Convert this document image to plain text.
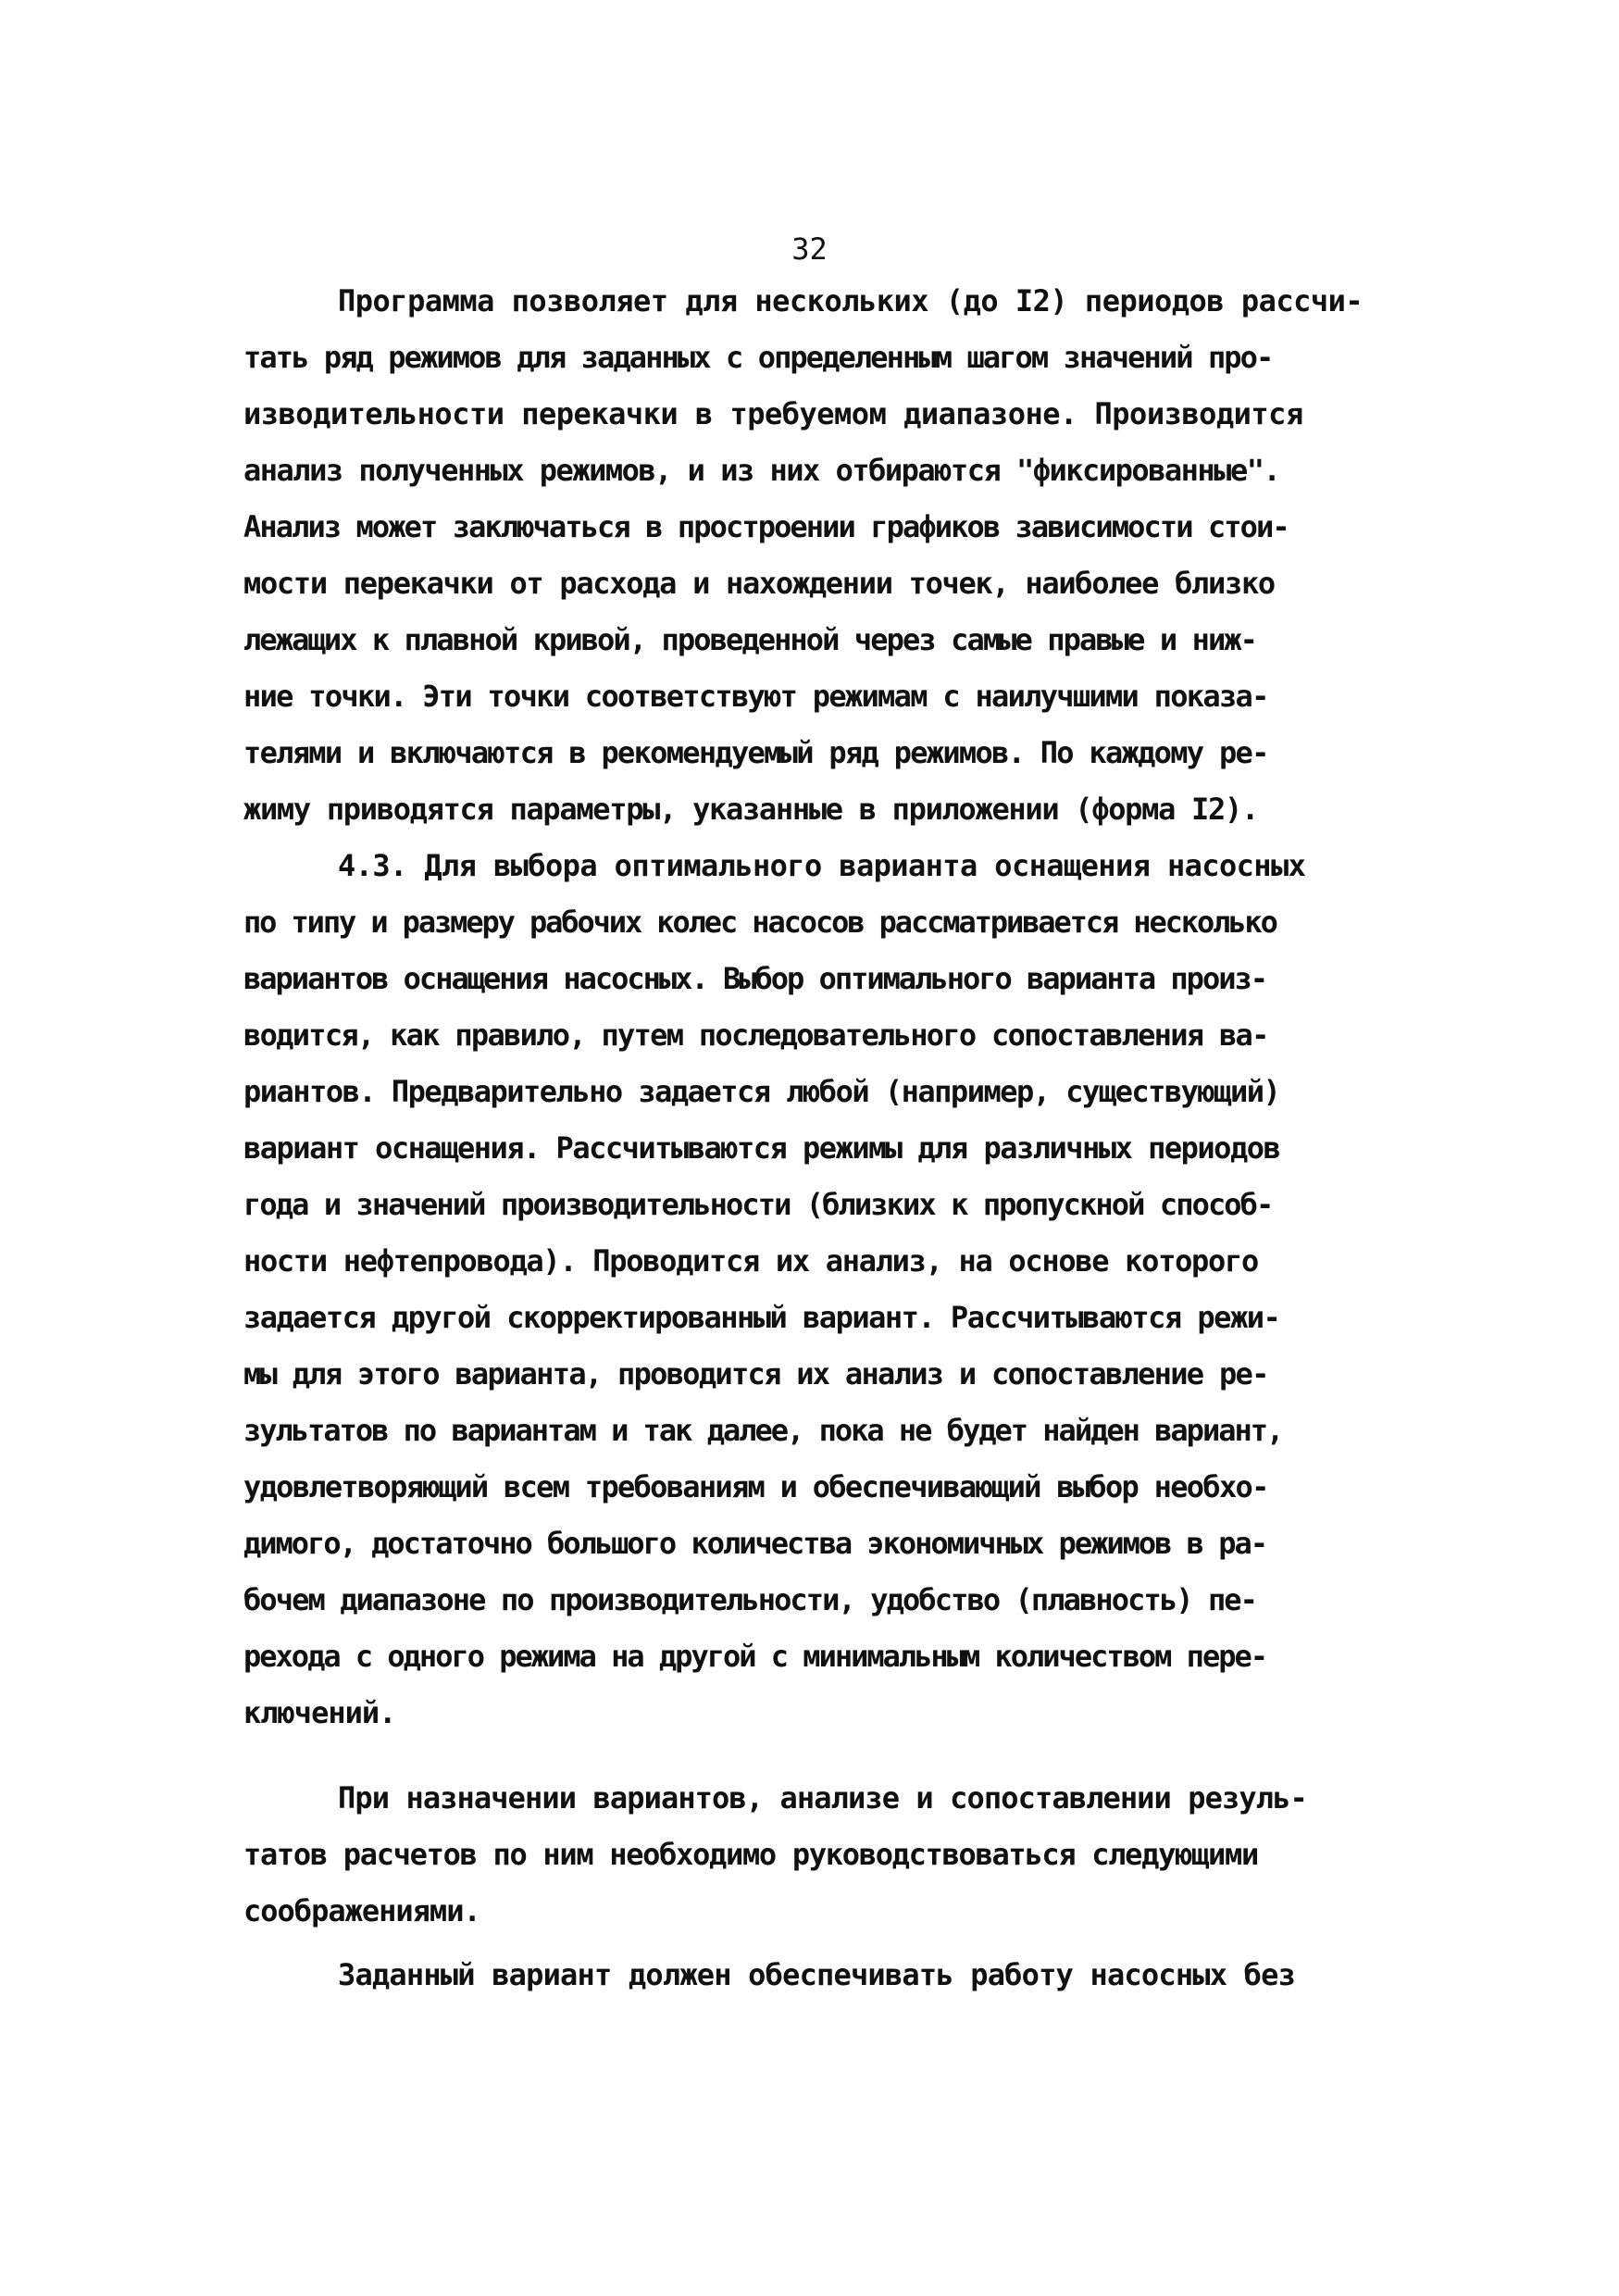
32
Программа позволяет для нескольких (до I2) периодов рассчи-
тать ряд режимов для заданных с определенным шагом значений про-
изводительности перекачки в требуемом диапазоне. Производится
анализ полученных режимов, и из них отбираются "фиксированные".
Анализ может заключаться в прострoении графиков зависимости стои-
мости перекачки от расхода и нахождении точек, наиболее близко
лежащих к плавной кривой, проведенной через самые правые и ниж-
ние точки. Эти точки соответствуют режимам с наилучшими показа-
телями и включаются в рекомендуемый ряд режимов. По каждому ре-
жиму приводятся параметры, указанные в приложении (форма I2).
4.3. Для выбора оптимального варианта оснащения насосных
по типу и размеру рабочих колес насосов рассматривается несколько
вариантов оснащения насосных. Выбор оптимального варианта произ-
водится, как правило, путем последовательного сопоставления ва-
риантов. Предварительно задается любой (например, существующий)
вариант оснащения. Рассчитываются режимы для различных периодов
года и значений производительности (близких к пропускной способ-
ности нефтепровода). Проводится их анализ, на основе которого
задается другой скорректированный вариант. Рассчитываются режи-
мы для этого варианта, проводится их анализ и сопоставление ре-
зультатов по вариантам и так далее, пока не будет найден вариант,
удовлетворяющий всем требованиям и обеспечивающий выбор необхо-
димого, достаточно большого количества экономичных режимов в ра-
бочем диапазоне по производительности, удобство (плавность) пе-
рехода с одного режима на другой с минимальным количеством пере-
ключений.
При назначении вариантов, анализе и сопоставлении резуль-
татов расчетов по ним необходимо руководствоваться следующими
соображениями.
Заданный вариант должен обеспечивать работу насосных без
